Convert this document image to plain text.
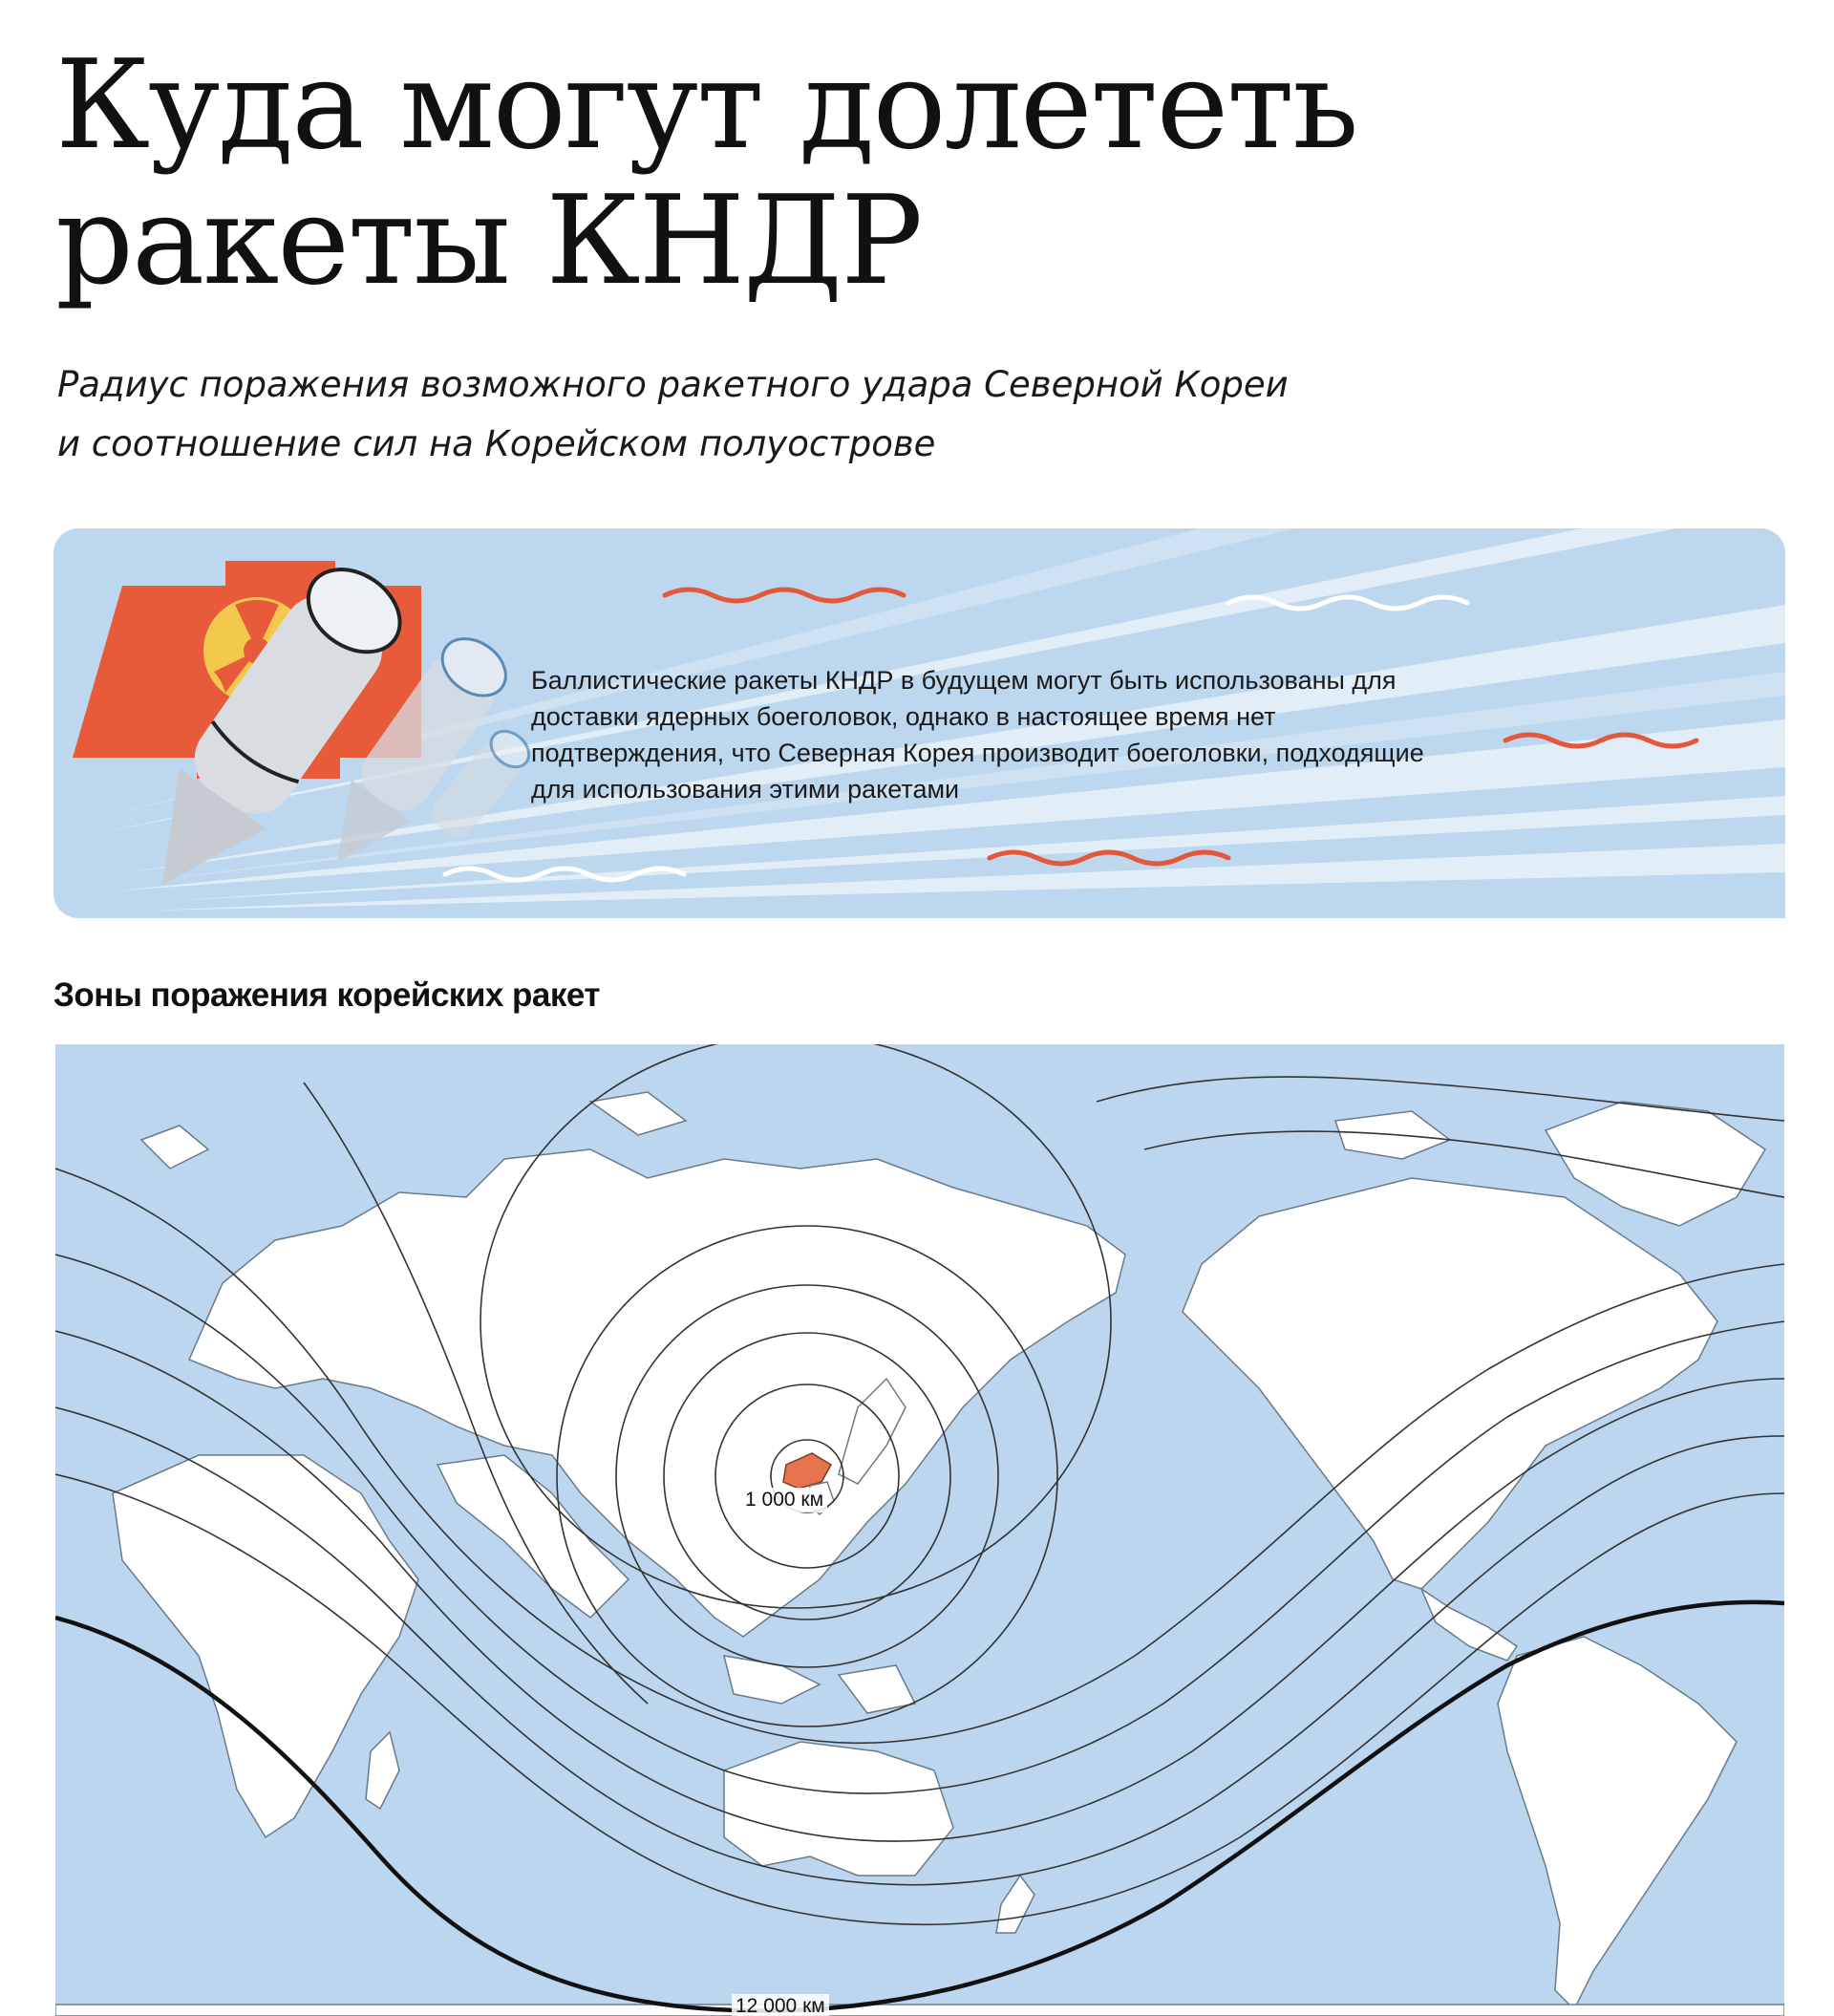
Куда могут долететь
ракеты КНДР

Радиус поражения возможного ракетного удара Северной Кореи
и соотношение сил на Корейском полуострове

Баллистические ракеты КНДР в будущем могут быть использованы для доставки ядерных боеголовок, однако в настоящее время нет подтверждения, что Северная Корея производит боеголовки, подходящие для использования этими ракетами

Зоны поражения корейских ракет
1 000 км
12 000 км
